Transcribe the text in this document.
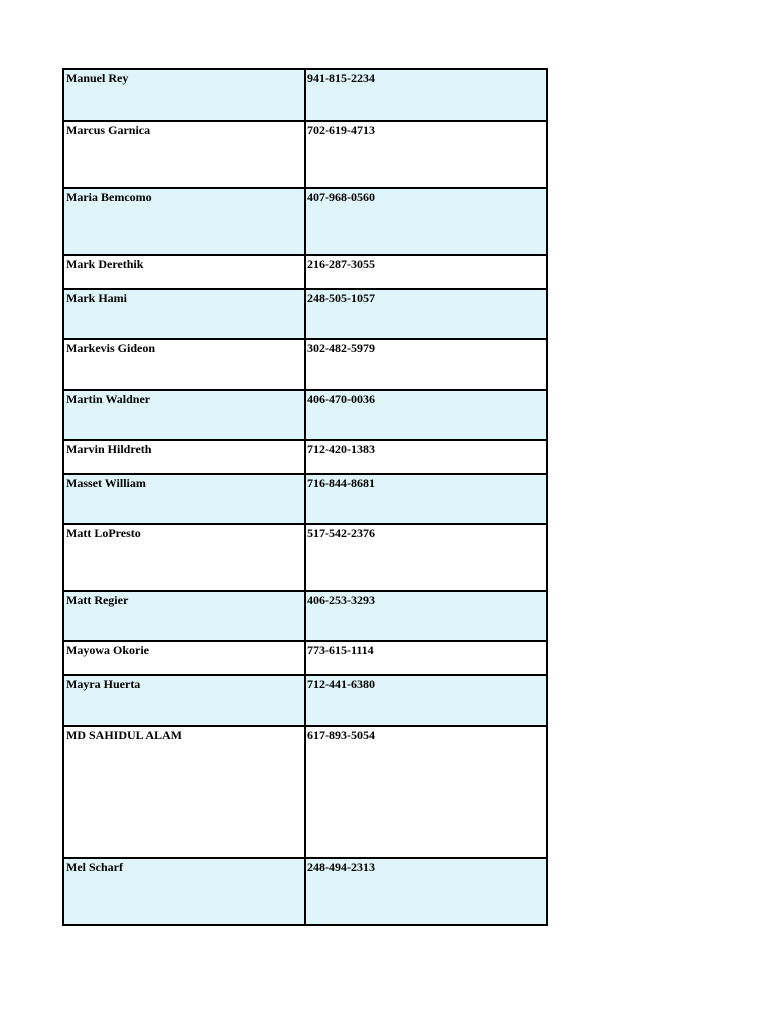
Manuel Rey	941-815-2234
Marcus Garnica	702-619-4713
Maria Bemcomo	407-968-0560
Mark Derethik	216-287-3055
Mark Hami	248-505-1057
Markevis Gideon	302-482-5979
Martin Waldner	406-470-0036
Marvin Hildreth	712-420-1383
Masset William	716-844-8681
Matt LoPresto	517-542-2376
Matt Regier	406-253-3293
Mayowa Okorie	773-615-1114
Mayra Huerta	712-441-6380
MD SAHIDUL ALAM	617-893-5054
Mel Scharf	248-494-2313
